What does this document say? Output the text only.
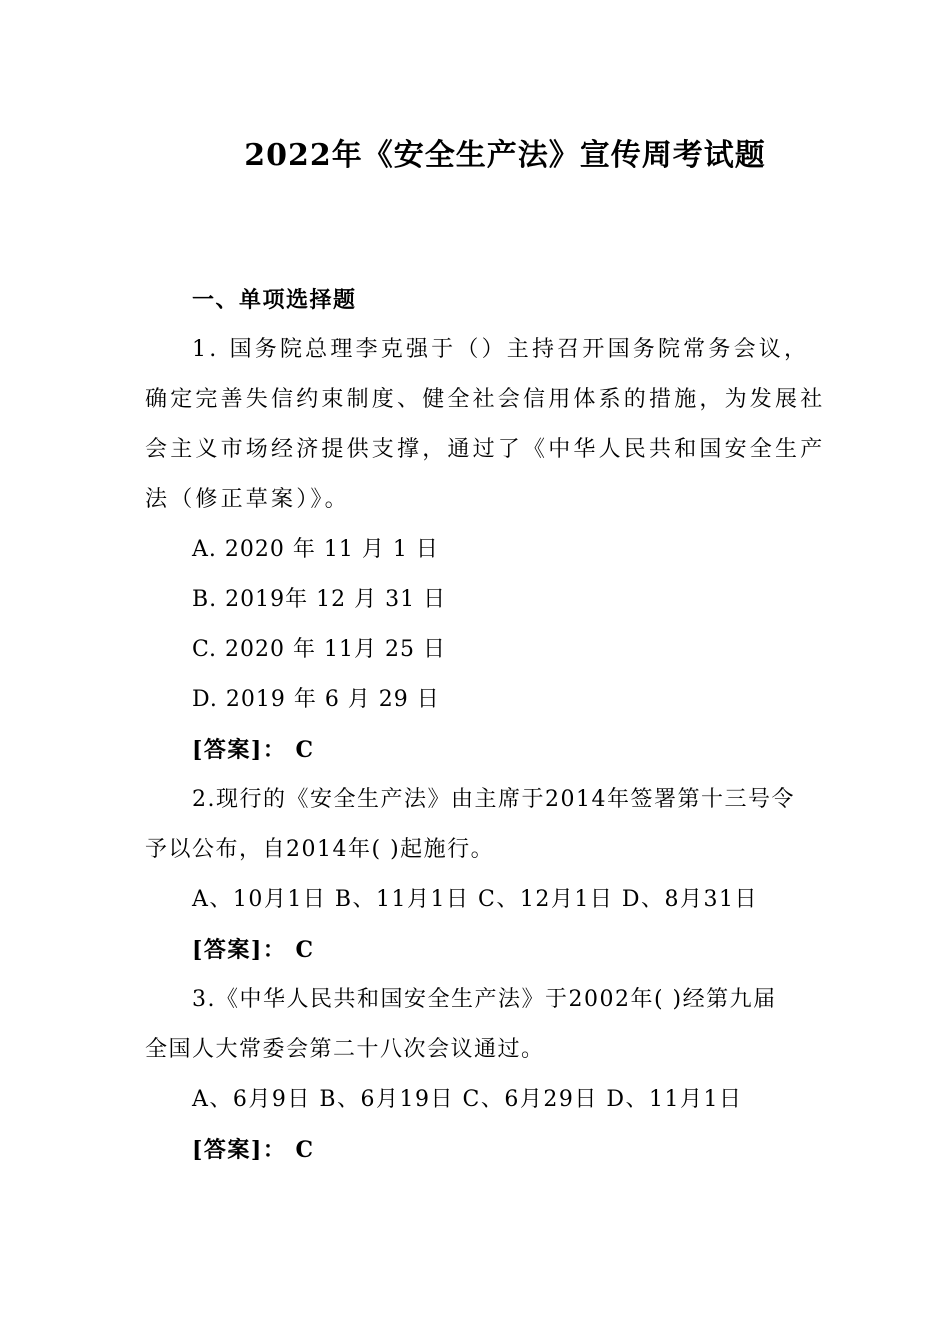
2022年《安全生产法》宣传周考试题
一、单项选择题
1. 国务院总理李克强于（）主持召开国务院常务会议，
确定完善失信约束制度、健全社会信用体系的措施，为发展社
会主义市场经济提供支撑，通过了《中华人民共和国安全生产
法（修正草案）》。
A. 2020 年 11 月 1 日
B. 2019年 12 月 31 日
C. 2020 年 11月 25 日
D. 2019 年 6 月 29 日
[答案]： C
2.现行的《安全生产法》由主席于2014年签署第十三号令
予以公布，自2014年( )起施行。
A、10月1日 B、11月1日 C、12月1日 D、8月31日
[答案]： C
3.《中华人民共和国安全生产法》于2002年( )经第九届
全国人大常委会第二十八次会议通过。
A、6月9日 B、6月19日 C、6月29日 D、11月1日
[答案]： C
